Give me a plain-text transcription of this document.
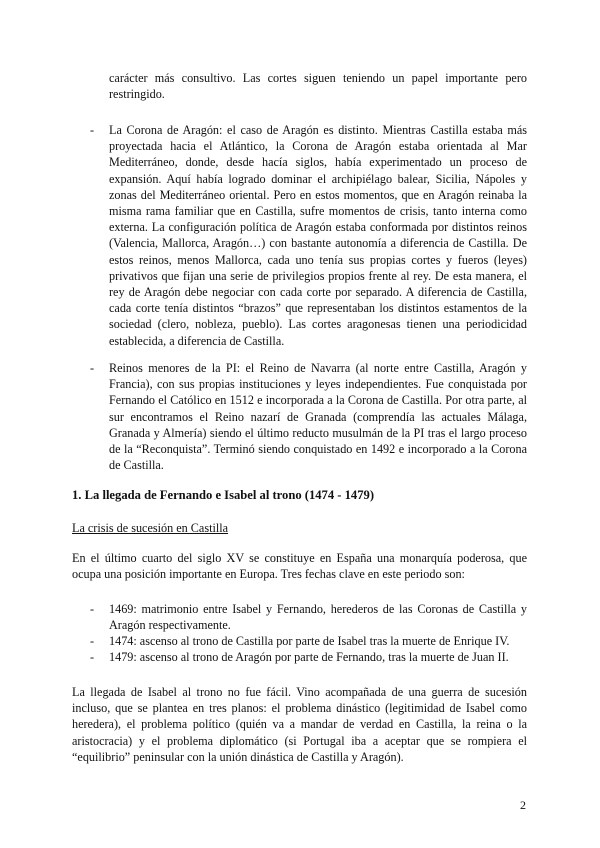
carácter más consultivo. Las cortes siguen teniendo un papel importante pero restringido.

- La Corona de Aragón: el caso de Aragón es distinto. Mientras Castilla estaba más proyectada hacia el Atlántico, la Corona de Aragón estaba orientada al Mar Mediterráneo, donde, desde hacía siglos, había experimentado un proceso de expansión. Aquí había logrado dominar el archipiélago balear, Sicilia, Nápoles y zonas del Mediterráneo oriental. Pero en estos momentos, que en Aragón reinaba la misma rama familiar que en Castilla, sufre momentos de crisis, tanto interna como externa. La configuración política de Aragón estaba conformada por distintos reinos (Valencia, Mallorca, Aragón…) con bastante autonomía a diferencia de Castilla. De estos reinos, menos Mallorca, cada uno tenía sus propias cortes y fueros (leyes) privativos que fijan una serie de privilegios propios frente al rey. De esta manera, el rey de Aragón debe negociar con cada corte por separado. A diferencia de Castilla, cada corte tenía distintos “brazos” que representaban los distintos estamentos de la sociedad (clero, nobleza, pueblo). Las cortes aragonesas tienen una periodicidad establecida, a diferencia de Castilla.

- Reinos menores de la PI: el Reino de Navarra (al norte entre Castilla, Aragón y Francia), con sus propias instituciones y leyes independientes. Fue conquistada por Fernando el Católico en 1512 e incorporada a la Corona de Castilla. Por otra parte, al sur encontramos el Reino nazarí de Granada (comprendía las actuales Málaga, Granada y Almería) siendo el último reducto musulmán de la PI tras el largo proceso de la “Reconquista”. Terminó siendo conquistado en 1492 e incorporado a la Corona de Castilla.

1. La llegada de Fernando e Isabel al trono (1474 - 1479)

La crisis de sucesión en Castilla

En el último cuarto del siglo XV se constituye en España una monarquía poderosa, que ocupa una posición importante en Europa. Tres fechas clave en este periodo son:

- 1469: matrimonio entre Isabel y Fernando, herederos de las Coronas de Castilla y Aragón respectivamente.

- 1474: ascenso al trono de Castilla por parte de Isabel tras la muerte de Enrique IV.

- 1479: ascenso al trono de Aragón por parte de Fernando, tras la muerte de Juan II.

La llegada de Isabel al trono no fue fácil. Vino acompañada de una guerra de sucesión incluso, que se plantea en tres planos: el problema dinástico (legitimidad de Isabel como heredera), el problema político (quién va a mandar de verdad en Castilla, la reina o la aristocracia) y el problema diplomático (si Portugal iba a aceptar que se rompiera el “equilibrio” peninsular con la unión dinástica de Castilla y Aragón).

2
